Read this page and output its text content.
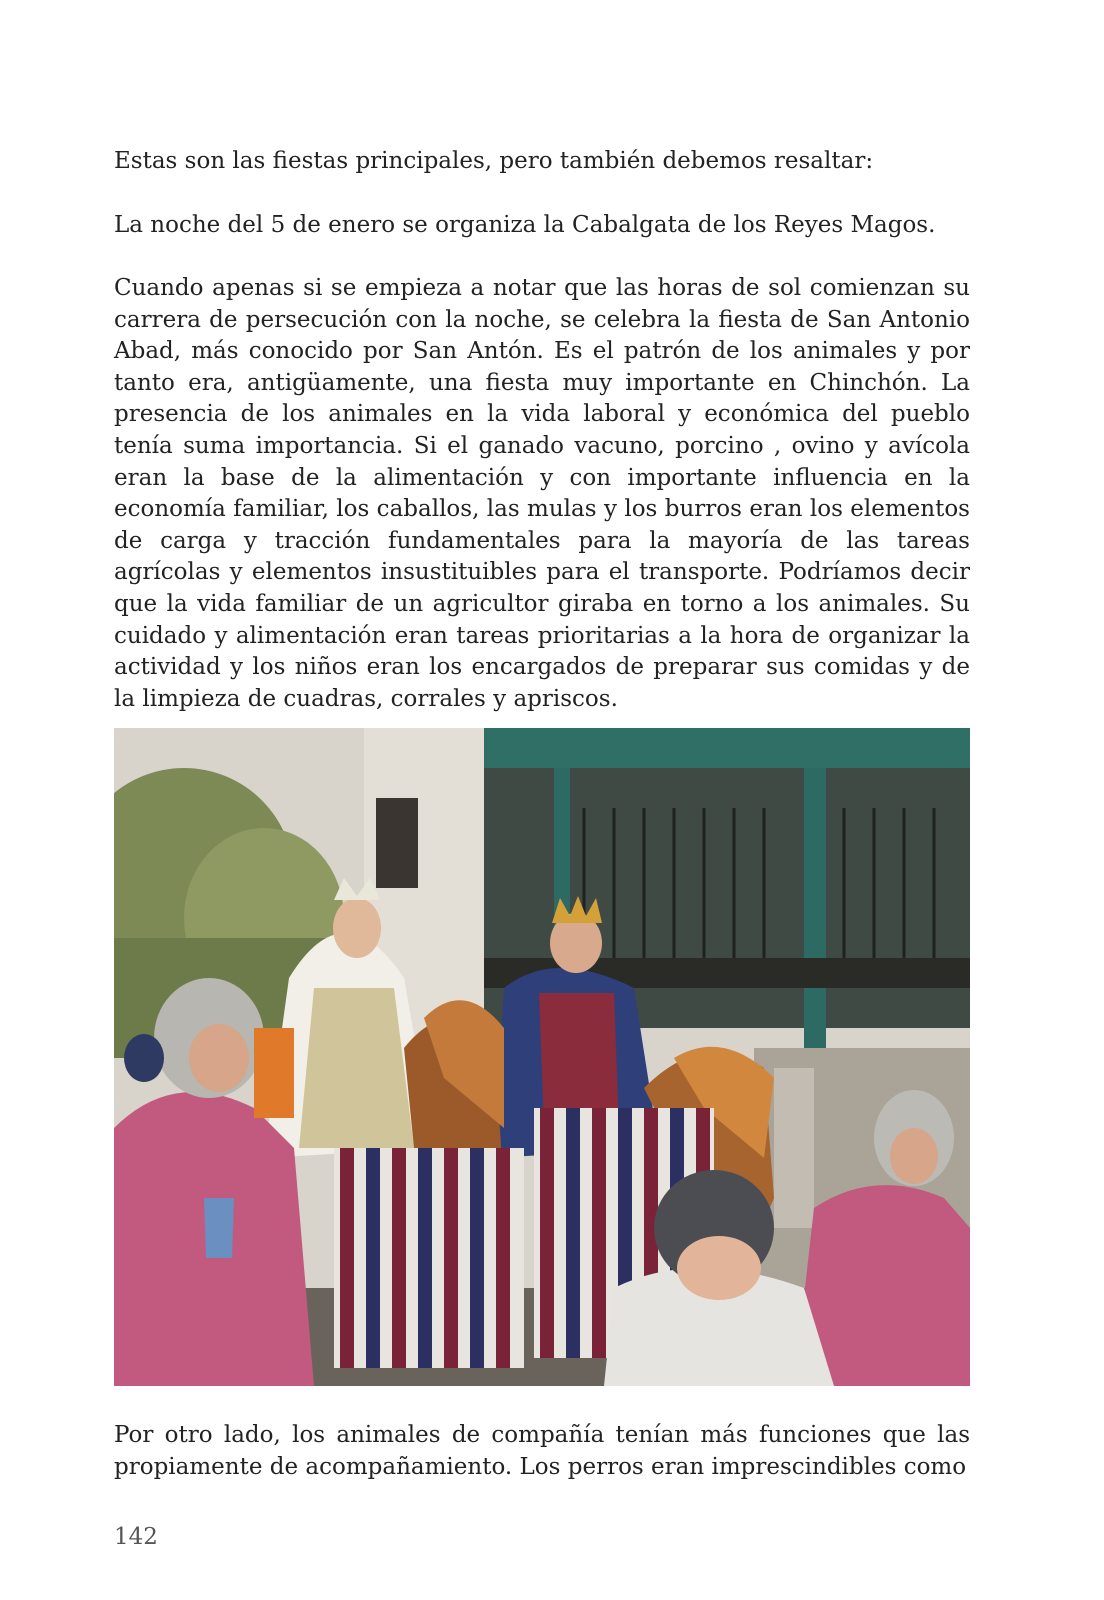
Estas son las fiestas principales, pero también debemos resaltar:

La noche del 5 de enero se organiza la Cabalgata de los Reyes Magos.

Cuando apenas si se empieza a notar que las horas de sol comienzan su carrera de persecución con la noche, se celebra la fiesta de San Antonio Abad, más conocido por San Antón. Es el patrón de los animales y por tanto era, antigüamente, una fiesta muy importante en Chinchón. La presencia de los animales en la vida laboral y económica del pueblo tenía suma importancia. Si el ganado vacuno, porcino , ovino y avícola eran la base de la alimentación y con importante influencia en la economía familiar, los caballos, las mulas y los burros eran los elementos de carga y tracción fundamentales para la mayoría de las tareas agrícolas y elementos insustituibles para el transporte. Podríamos decir que la vida familiar de un agricultor giraba en torno a los animales. Su cuidado y alimentación eran tareas prioritarias a la hora de organizar la actividad y los niños eran los encargados de preparar sus comidas y de la limpieza de cuadras, corrales y apriscos.

Por otro lado, los animales de compañía tenían más funciones que las propiamente de acompañamiento. Los perros eran imprescindibles como

142
